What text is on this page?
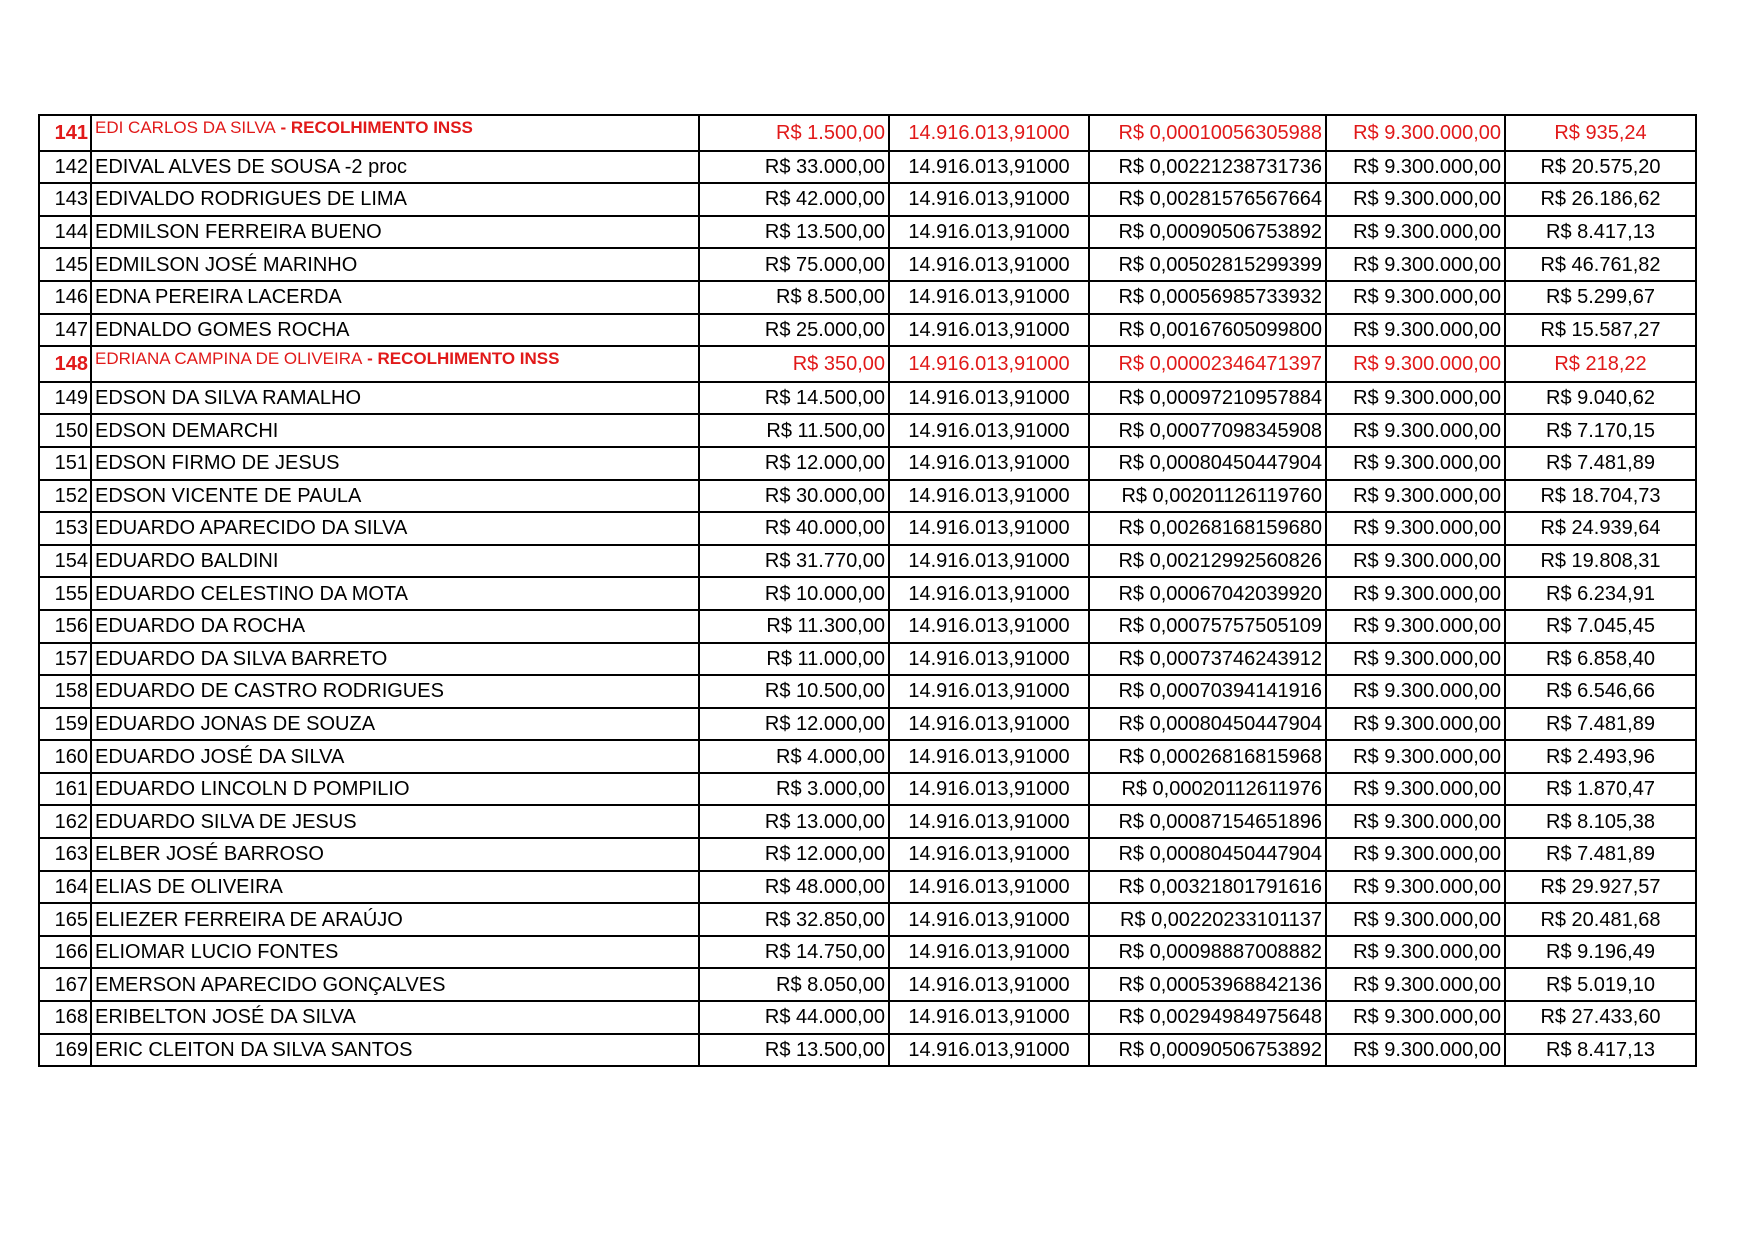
141	EDI CARLOS DA SILVA - RECOLHIMENTO INSS	R$ 1.500,00	14.916.013,91000	R$ 0,00010056305988	R$ 9.300.000,00	R$ 935,24
142	EDIVAL ALVES DE SOUSA -2 proc	R$ 33.000,00	14.916.013,91000	R$ 0,00221238731736	R$ 9.300.000,00	R$ 20.575,20
143	EDIVALDO RODRIGUES DE LIMA	R$ 42.000,00	14.916.013,91000	R$ 0,00281576567664	R$ 9.300.000,00	R$ 26.186,62
144	EDMILSON FERREIRA BUENO	R$ 13.500,00	14.916.013,91000	R$ 0,00090506753892	R$ 9.300.000,00	R$ 8.417,13
145	EDMILSON JOSÉ MARINHO	R$ 75.000,00	14.916.013,91000	R$ 0,00502815299399	R$ 9.300.000,00	R$ 46.761,82
146	EDNA PEREIRA LACERDA	R$ 8.500,00	14.916.013,91000	R$ 0,00056985733932	R$ 9.300.000,00	R$ 5.299,67
147	EDNALDO GOMES ROCHA	R$ 25.000,00	14.916.013,91000	R$ 0,00167605099800	R$ 9.300.000,00	R$ 15.587,27
148	EDRIANA CAMPINA DE OLIVEIRA - RECOLHIMENTO INSS	R$ 350,00	14.916.013,91000	R$ 0,00002346471397	R$ 9.300.000,00	R$ 218,22
149	EDSON DA SILVA RAMALHO	R$ 14.500,00	14.916.013,91000	R$ 0,00097210957884	R$ 9.300.000,00	R$ 9.040,62
150	EDSON DEMARCHI	R$ 11.500,00	14.916.013,91000	R$ 0,00077098345908	R$ 9.300.000,00	R$ 7.170,15
151	EDSON FIRMO DE JESUS	R$ 12.000,00	14.916.013,91000	R$ 0,00080450447904	R$ 9.300.000,00	R$ 7.481,89
152	EDSON VICENTE DE PAULA	R$ 30.000,00	14.916.013,91000	R$ 0,00201126119760	R$ 9.300.000,00	R$ 18.704,73
153	EDUARDO APARECIDO DA SILVA	R$ 40.000,00	14.916.013,91000	R$ 0,00268168159680	R$ 9.300.000,00	R$ 24.939,64
154	EDUARDO BALDINI	R$ 31.770,00	14.916.013,91000	R$ 0,00212992560826	R$ 9.300.000,00	R$ 19.808,31
155	EDUARDO CELESTINO DA MOTA	R$ 10.000,00	14.916.013,91000	R$ 0,00067042039920	R$ 9.300.000,00	R$ 6.234,91
156	EDUARDO DA ROCHA	R$ 11.300,00	14.916.013,91000	R$ 0,00075757505109	R$ 9.300.000,00	R$ 7.045,45
157	EDUARDO DA SILVA BARRETO	R$ 11.000,00	14.916.013,91000	R$ 0,00073746243912	R$ 9.300.000,00	R$ 6.858,40
158	EDUARDO DE CASTRO RODRIGUES	R$ 10.500,00	14.916.013,91000	R$ 0,00070394141916	R$ 9.300.000,00	R$ 6.546,66
159	EDUARDO JONAS DE SOUZA	R$ 12.000,00	14.916.013,91000	R$ 0,00080450447904	R$ 9.300.000,00	R$ 7.481,89
160	EDUARDO JOSÉ DA SILVA	R$ 4.000,00	14.916.013,91000	R$ 0,00026816815968	R$ 9.300.000,00	R$ 2.493,96
161	EDUARDO LINCOLN D POMPILIO	R$ 3.000,00	14.916.013,91000	R$ 0,00020112611976	R$ 9.300.000,00	R$ 1.870,47
162	EDUARDO SILVA DE JESUS	R$ 13.000,00	14.916.013,91000	R$ 0,00087154651896	R$ 9.300.000,00	R$ 8.105,38
163	ELBER JOSÉ BARROSO	R$ 12.000,00	14.916.013,91000	R$ 0,00080450447904	R$ 9.300.000,00	R$ 7.481,89
164	ELIAS DE OLIVEIRA	R$ 48.000,00	14.916.013,91000	R$ 0,00321801791616	R$ 9.300.000,00	R$ 29.927,57
165	ELIEZER FERREIRA DE ARAÚJO	R$ 32.850,00	14.916.013,91000	R$ 0,00220233101137	R$ 9.300.000,00	R$ 20.481,68
166	ELIOMAR LUCIO FONTES	R$ 14.750,00	14.916.013,91000	R$ 0,00098887008882	R$ 9.300.000,00	R$ 9.196,49
167	EMERSON APARECIDO GONÇALVES	R$ 8.050,00	14.916.013,91000	R$ 0,00053968842136	R$ 9.300.000,00	R$ 5.019,10
168	ERIBELTON JOSÉ DA SILVA	R$ 44.000,00	14.916.013,91000	R$ 0,00294984975648	R$ 9.300.000,00	R$ 27.433,60
169	ERIC CLEITON DA SILVA SANTOS	R$ 13.500,00	14.916.013,91000	R$ 0,00090506753892	R$ 9.300.000,00	R$ 8.417,13
